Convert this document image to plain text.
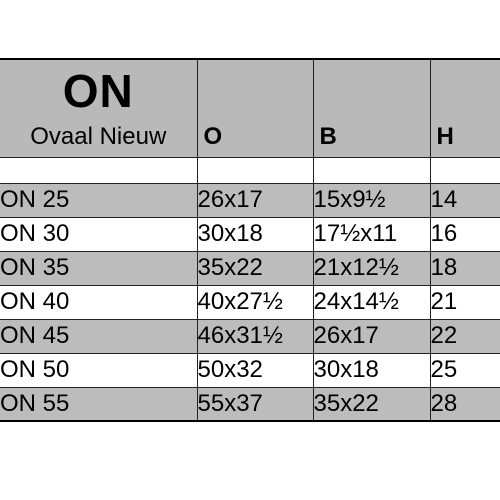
ON
Ovaal Nieuw	O	B	H

ON 25	26x17	15x9½	14
ON 30	30x18	17½x11	16
ON 35	35x22	21x12½	18
ON 40	40x27½	24x14½	21
ON 45	46x31½	26x17	22
ON 50	50x32	30x18	25
ON 55	55x37	35x22	28
